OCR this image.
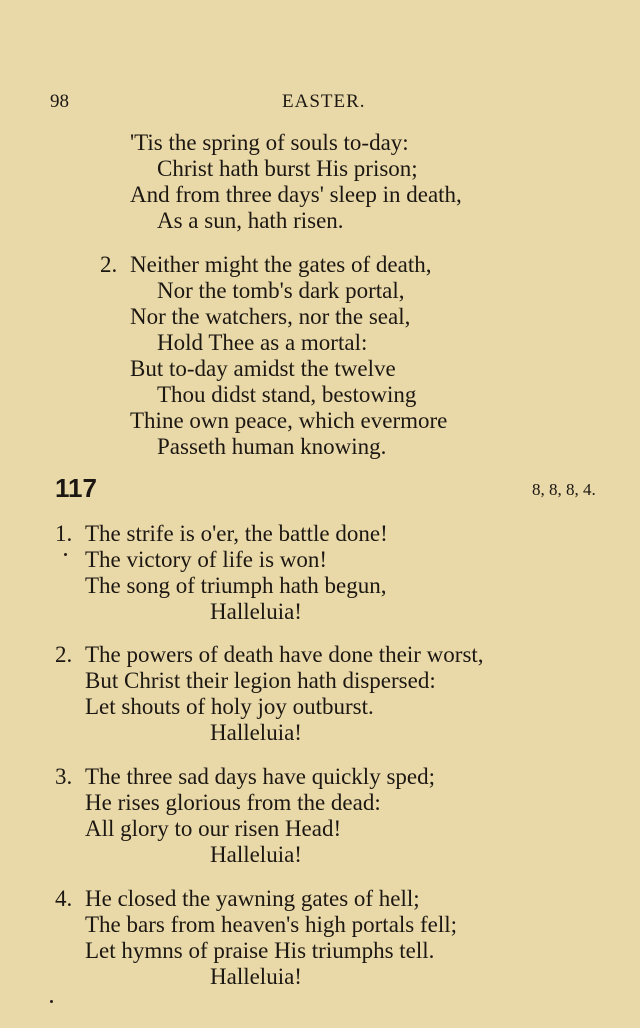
98	EASTER.
'Tis the spring of souls to-day:
Christ hath burst His prison;
And from three days' sleep in death,
As a sun, hath risen.
2. Neither might the gates of death,
Nor the tomb's dark portal,
Nor the watchers, nor the seal,
Hold Thee as a mortal:
But to-day amidst the twelve
Thou didst stand, bestowing
Thine own peace, which evermore
Passeth human knowing.
117	8, 8, 8, 4.
1. The strife is o'er, the battle done!
The victory of life is won!
The song of triumph hath begun,
Halleluia!
2. The powers of death have done their worst,
But Christ their legion hath dispersed:
Let shouts of holy joy outburst.
Halleluia!
3. The three sad days have quickly sped;
He rises glorious from the dead:
All glory to our risen Head!
Halleluia!
4. He closed the yawning gates of hell;
The bars from heaven's high portals fell;
Let hymns of praise His triumphs tell.
Halleluia!
